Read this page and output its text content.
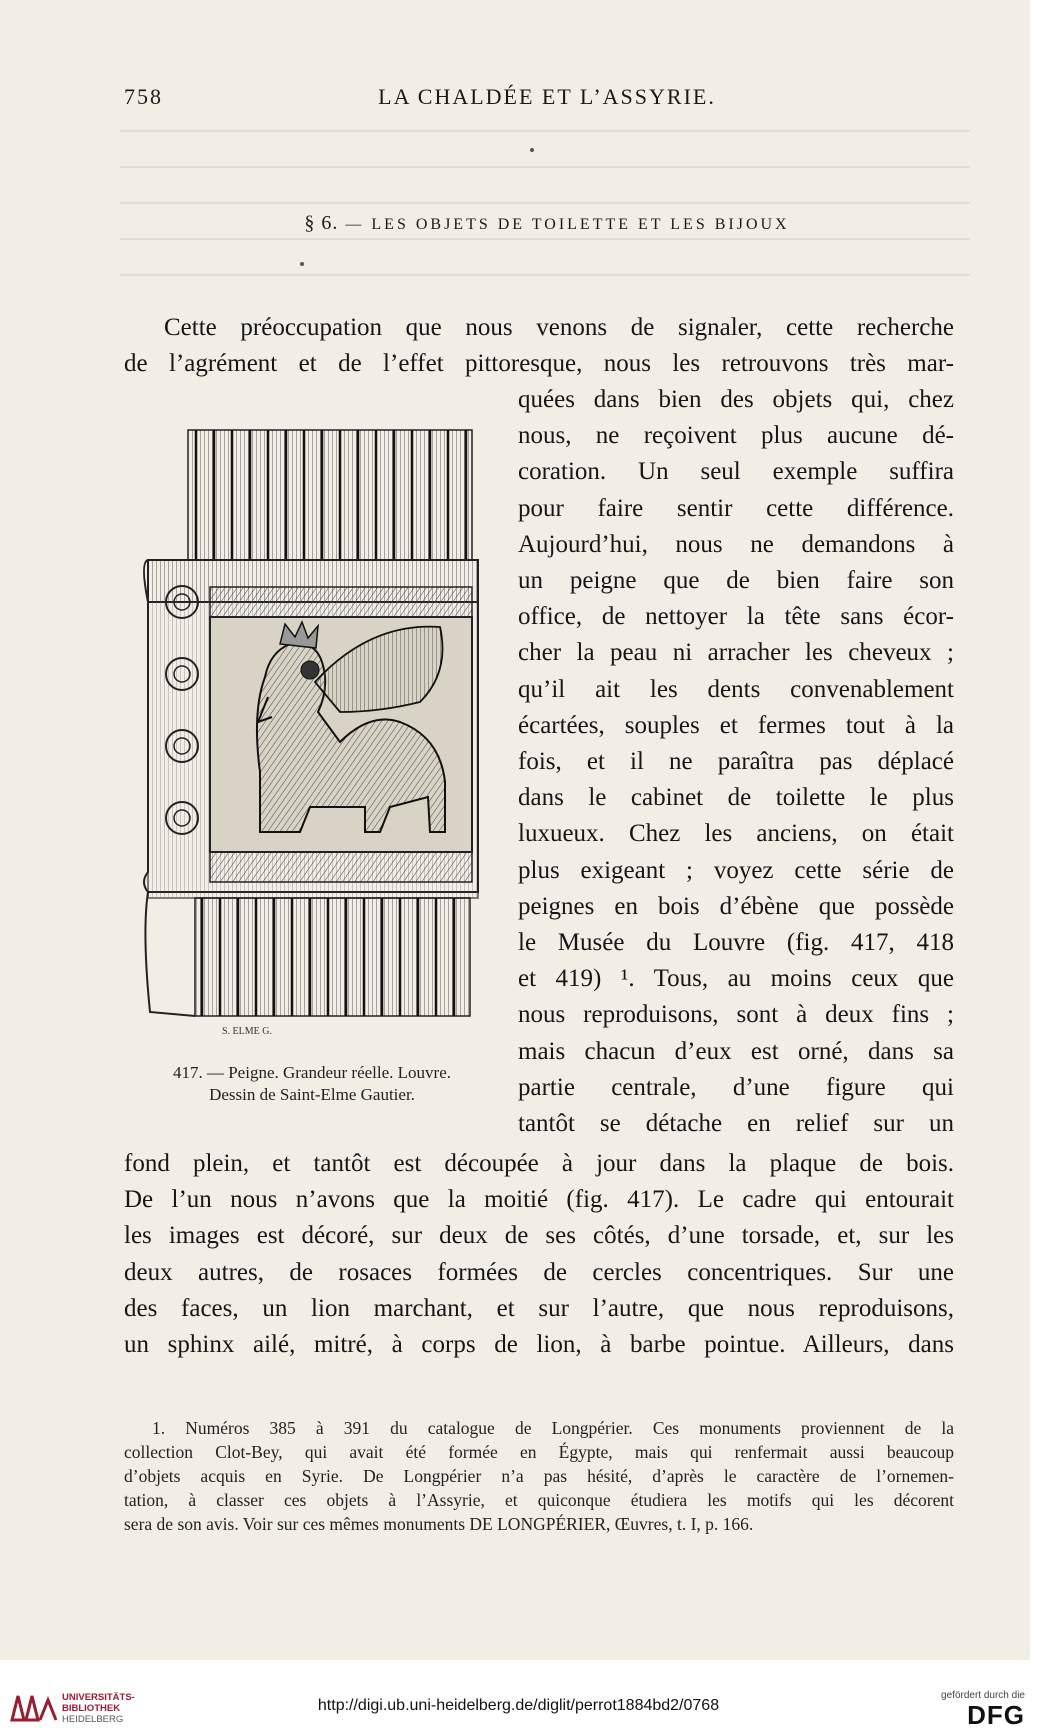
758	LA CHALDÉE ET L’ASSYRIE.
§ 6. — LES OBJETS DE TOILETTE ET LES BIJOUX
Cette préoccupation que nous venons de signaler, cette recherche
de l’agrément et de l’effet pittoresque, nous les retrouvons très mar-
quées dans bien des objets qui, chez
nous, ne reçoivent plus aucune dé-
coration. Un seul exemple suffira
pour faire sentir cette différence.
Aujourd’hui, nous ne demandons à
un peigne que de bien faire son
office, de nettoyer la tête sans écor-
cher la peau ni arracher les cheveux ;
qu’il ait les dents convenablement
écartées, souples et fermes tout à la
fois, et il ne paraîtra pas déplacé
dans le cabinet de toilette le plus
luxueux. Chez les anciens, on était
plus exigeant ; voyez cette série de
peignes en bois d’ébène que possède
le Musée du Louvre (fig. 417, 418
et 419) ¹. Tous, au moins ceux que
nous reproduisons, sont à deux fins ;
mais chacun d’eux est orné, dans sa
partie centrale, d’une figure qui
tantôt se détache en relief sur un
S. ELME G.
417. — Peigne. Grandeur réelle. Louvre.
Dessin de Saint-Elme Gautier.
fond plein, et tantôt est découpée à jour dans la plaque de bois.
De l’un nous n’avons que la moitié (fig. 417). Le cadre qui entourait
les images est décoré, sur deux de ses côtés, d’une torsade, et, sur les
deux autres, de rosaces formées de cercles concentriques. Sur une
des faces, un lion marchant, et sur l’autre, que nous reproduisons,
un sphinx ailé, mitré, à corps de lion, à barbe pointue. Ailleurs, dans
1. Numéros 385 à 391 du catalogue de Longpérier. Ces monuments proviennent de la
collection Clot-Bey, qui avait été formée en Égypte, mais qui renfermait aussi beaucoup
d’objets acquis en Syrie. De Longpérier n’a pas hésité, d’après le caractère de l’ornemen-
tation, à classer ces objets à l’Assyrie, et quiconque étudiera les motifs qui les décorent
sera de son avis. Voir sur ces mêmes monuments DE LONGPÉRIER, Œuvres, t. I, p. 166.
UNIVERSITÄTS-
BIBLIOTHEK
HEIDELBERG
http://digi.ub.uni-heidelberg.de/diglit/perrot1884bd2/0768
gefördert durch die
DFG
